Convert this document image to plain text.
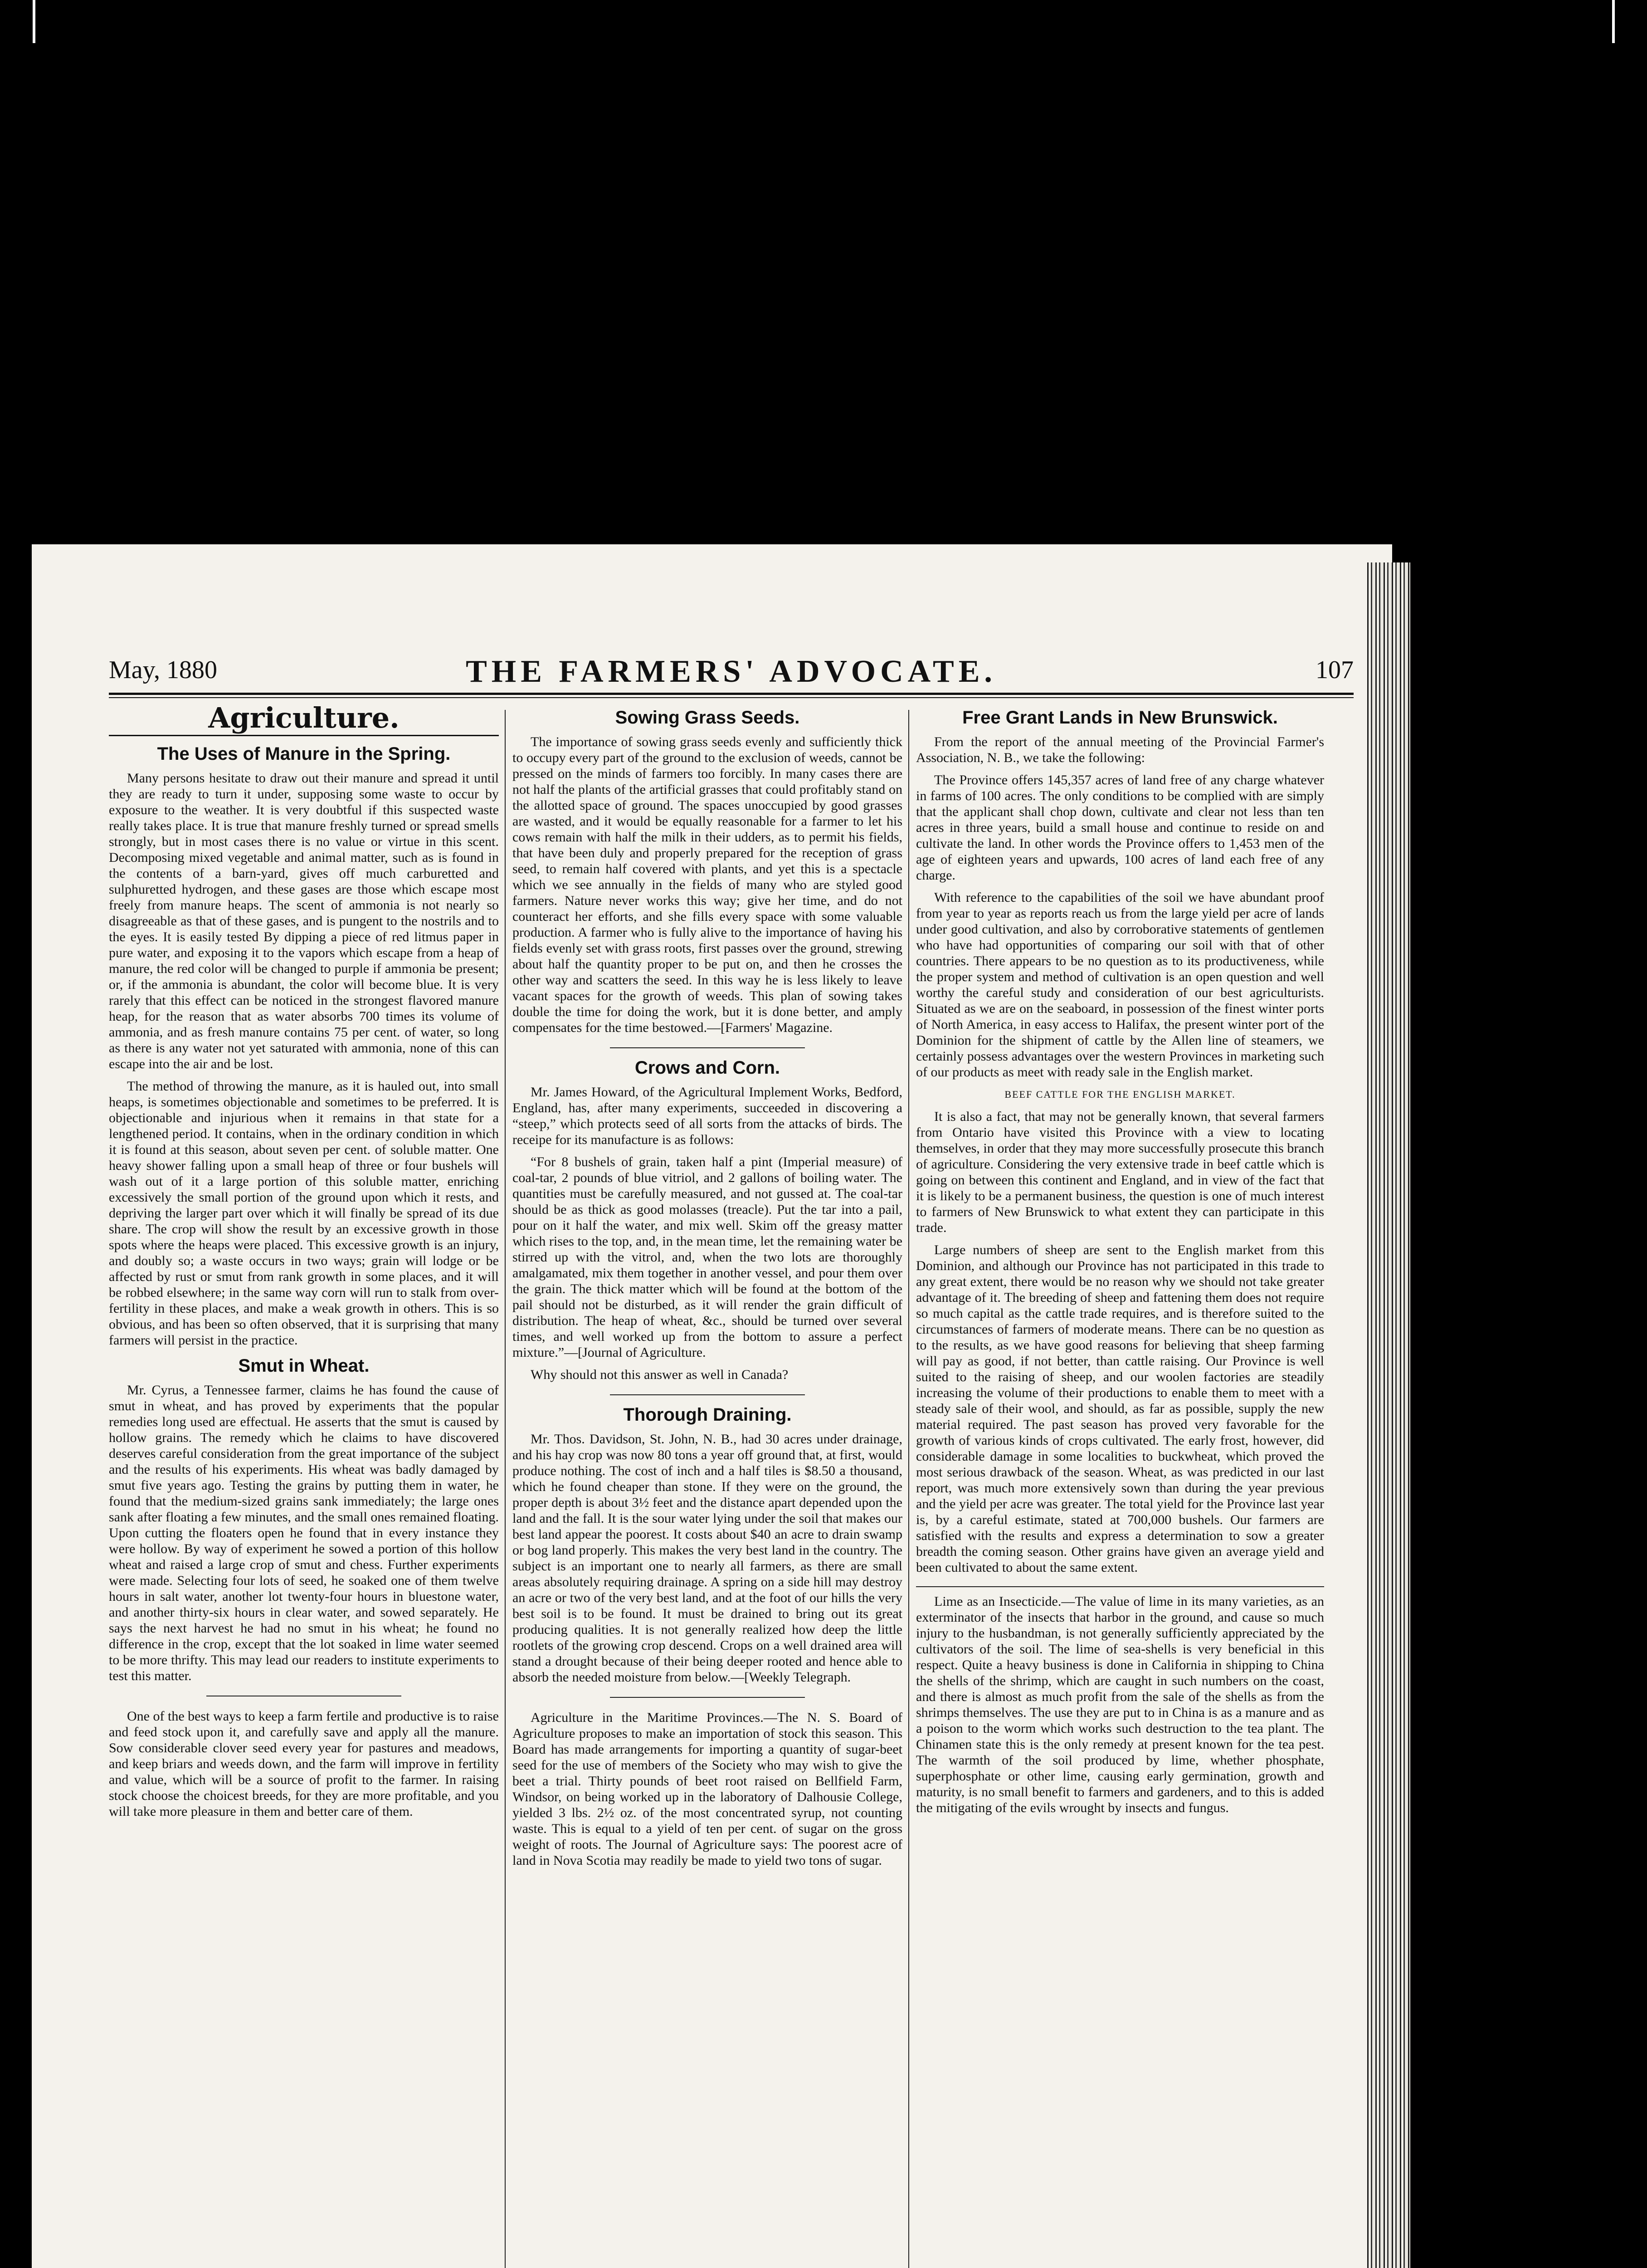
May, 1880	THE FARMERS' ADVOCATE.	107
Agriculture.
The Uses of Manure in the Spring.

Many persons hesitate to draw out their manure and spread it until they are ready to turn it under, supposing some waste to occur by exposure to the weather. It is very doubtful if this suspected waste really takes place. It is true that manure freshly turned or spread smells strongly, but in most cases there is no value or virtue in this scent. Decomposing mixed vegetable and animal matter, such as is found in the contents of a barn-yard, gives off much carburetted and sulphuretted hydrogen, and these gases are those which escape most freely from manure heaps. The scent of ammonia is not nearly so disagreeable as that of these gases, and is pungent to the nostrils and to the eyes. It is easily tested By dipping a piece of red litmus paper in pure water, and exposing it to the vapors which escape from a heap of manure, the red color will be changed to purple if ammonia be present; or, if the ammonia is abundant, the color will become blue. It is very rarely that this effect can be noticed in the strongest flavored manure heap, for the reason that as water absorbs 700 times its volume of ammonia, and as fresh manure contains 75 per cent. of water, so long as there is any water not yet saturated with ammonia, none of this can escape into the air and be lost.

The method of throwing the manure, as it is hauled out, into small heaps, is sometimes objectionable and sometimes to be preferred. It is objectionable and injurious when it remains in that state for a lengthened period. It contains, when in the ordinary condition in which it is found at this season, about seven per cent. of soluble matter. One heavy shower falling upon a small heap of three or four bushels will wash out of it a large portion of this soluble matter, enriching excessively the small portion of the ground upon which it rests, and depriving the larger part over which it will finally be spread of its due share. The crop will show the result by an excessive growth in those spots where the heaps were placed. This excessive growth is an injury, and doubly so; a waste occurs in two ways; grain will lodge or be affected by rust or smut from rank growth in some places, and it will be robbed elsewhere; in the same way corn will run to stalk from over-fertility in these places, and make a weak growth in others. This is so obvious, and has been so often observed, that it is surprising that many farmers will persist in the practice.

Smut in Wheat.

Mr. Cyrus, a Tennessee farmer, claims he has found the cause of smut in wheat, and has proved by experiments that the popular remedies long used are effectual. He asserts that the smut is caused by hollow grains. The remedy which he claims to have discovered deserves careful consideration from the great importance of the subject and the results of his experiments. His wheat was badly damaged by smut five years ago. Testing the grains by putting them in water, he found that the medium-sized grains sank immediately; the large ones sank after floating a few minutes, and the small ones remained floating. Upon cutting the floaters open he found that in every instance they were hollow. By way of experiment he sowed a portion of this hollow wheat and raised a large crop of smut and chess. Further experiments were made. Selecting four lots of seed, he soaked one of them twelve hours in salt water, another lot twenty-four hours in bluestone water, and another thirty-six hours in clear water, and sowed separately. He says the next harvest he had no smut in his wheat; he found no difference in the crop, except that the lot soaked in lime water seemed to be more thrifty. This may lead our readers to institute experiments to test this matter.

One of the best ways to keep a farm fertile and productive is to raise and feed stock upon it, and carefully save and apply all the manure. Sow considerable clover seed every year for pastures and meadows, and keep briars and weeds down, and the farm will improve in fertility and value, which will be a source of profit to the farmer. In raising stock choose the choicest breeds, for they are more profitable, and you will take more pleasure in them and better care of them.

Sowing Grass Seeds.

The importance of sowing grass seeds evenly and sufficiently thick to occupy every part of the ground to the exclusion of weeds, cannot be pressed on the minds of farmers too forcibly. In many cases there are not half the plants of the artificial grasses that could profitably stand on the allotted space of ground. The spaces unoccupied by good grasses are wasted, and it would be equally reasonable for a farmer to let his cows remain with half the milk in their udders, as to permit his fields, that have been duly and properly prepared for the reception of grass seed, to remain half covered with plants, and yet this is a spectacle which we see annually in the fields of many who are styled good farmers. Nature never works this way; give her time, and do not counteract her efforts, and she fills every space with some valuable production. A farmer who is fully alive to the importance of having his fields evenly set with grass roots, first passes over the ground, strewing about half the quantity proper to be put on, and then he crosses the other way and scatters the seed. In this way he is less likely to leave vacant spaces for the growth of weeds. This plan of sowing takes double the time for doing the work, but it is done better, and amply compensates for the time bestowed.—[Farmers' Magazine.

Crows and Corn.

Mr. James Howard, of the Agricultural Implement Works, Bedford, England, has, after many experiments, succeeded in discovering a “steep,” which protects seed of all sorts from the attacks of birds. The receipe for its manufacture is as follows:

“For 8 bushels of grain, taken half a pint (Imperial measure) of coal-tar, 2 pounds of blue vitriol, and 2 gallons of boiling water. The quantities must be carefully measured, and not gussed at. The coal-tar should be as thick as good molasses (treacle). Put the tar into a pail, pour on it half the water, and mix well. Skim off the greasy matter which rises to the top, and, in the mean time, let the remaining water be stirred up with the vitrol, and, when the two lots are thoroughly amalgamated, mix them together in another vessel, and pour them over the grain. The thick matter which will be found at the bottom of the pail should not be disturbed, as it will render the grain difficult of distribution. The heap of wheat, &c., should be turned over several times, and well worked up from the bottom to assure a perfect mixture.”—[Journal of Agriculture.

Why should not this answer as well in Canada?

Thorough Draining.

Mr. Thos. Davidson, St. John, N. B., had 30 acres under drainage, and his hay crop was now 80 tons a year off ground that, at first, would produce nothing. The cost of inch and a half tiles is $8.50 a thousand, which he found cheaper than stone. If they were on the ground, the proper depth is about 3½ feet and the distance apart depended upon the land and the fall. It is the sour water lying under the soil that makes our best land appear the poorest. It costs about $40 an acre to drain swamp or bog land properly. This makes the very best land in the country. The subject is an important one to nearly all farmers, as there are small areas absolutely requiring drainage. A spring on a side hill may destroy an acre or two of the very best land, and at the foot of our hills the very best soil is to be found. It must be drained to bring out its great producing qualities. It is not generally realized how deep the little rootlets of the growing crop descend. Crops on a well drained area will stand a drought because of their being deeper rooted and hence able to absorb the needed moisture from below.—[Weekly Telegraph.

Agriculture in the Maritime Provinces.—The N. S. Board of Agriculture proposes to make an importation of stock this season. This Board has made arrangements for importing a quantity of sugar-beet seed for the use of members of the Society who may wish to give the beet a trial. Thirty pounds of beet root raised on Bellfield Farm, Windsor, on being worked up in the laboratory of Dalhousie College, yielded 3 lbs. 2½ oz. of the most concentrated syrup, not counting waste. This is equal to a yield of ten per cent. of sugar on the gross weight of roots. The Journal of Agriculture says: The poorest acre of land in Nova Scotia may readily be made to yield two tons of sugar.

Free Grant Lands in New Brunswick.

From the report of the annual meeting of the Provincial Farmer's Association, N. B., we take the following:

The Province offers 145,357 acres of land free of any charge whatever in farms of 100 acres. The only conditions to be complied with are simply that the applicant shall chop down, cultivate and clear not less than ten acres in three years, build a small house and continue to reside on and cultivate the land. In other words the Province offers to 1,453 men of the age of eighteen years and upwards, 100 acres of land each free of any charge.

With reference to the capabilities of the soil we have abundant proof from year to year as reports reach us from the large yield per acre of lands under good cultivation, and also by corroborative statements of gentlemen who have had opportunities of comparing our soil with that of other countries. There appears to be no question as to its productiveness, while the proper system and method of cultivation is an open question and well worthy the careful study and consideration of our best agriculturists. Situated as we are on the seaboard, in possession of the finest winter ports of North America, in easy access to Halifax, the present winter port of the Dominion for the shipment of cattle by the Allen line of steamers, we certainly possess advantages over the western Provinces in marketing such of our products as meet with ready sale in the English market.

BEEF CATTLE FOR THE ENGLISH MARKET.

It is also a fact, that may not be generally known, that several farmers from Ontario have visited this Province with a view to locating themselves, in order that they may more successfully prosecute this branch of agriculture. Considering the very extensive trade in beef cattle which is going on between this continent and England, and in view of the fact that it is likely to be a permanent business, the question is one of much interest to farmers of New Brunswick to what extent they can participate in this trade.

Large numbers of sheep are sent to the English market from this Dominion, and although our Province has not participated in this trade to any great extent, there would be no reason why we should not take greater advantage of it. The breeding of sheep and fattening them does not require so much capital as the cattle trade requires, and is therefore suited to the circumstances of farmers of moderate means. There can be no question as to the results, as we have good reasons for believing that sheep farming will pay as good, if not better, than cattle raising. Our Province is well suited to the raising of sheep, and our woolen factories are steadily increasing the volume of their productions to enable them to meet with a steady sale of their wool, and should, as far as possible, supply the new material required. The past season has proved very favorable for the growth of various kinds of crops cultivated. The early frost, however, did considerable damage in some localities to buckwheat, which proved the most serious drawback of the season. Wheat, as was predicted in our last report, was much more extensively sown than during the year previous and the yield per acre was greater. The total yield for the Province last year is, by a careful estimate, stated at 700,000 bushels. Our farmers are satisfied with the results and express a determination to sow a greater breadth the coming season. Other grains have given an average yield and been cultivated to about the same extent.

Lime as an Insecticide.—The value of lime in its many varieties, as an exterminator of the insects that harbor in the ground, and cause so much injury to the husbandman, is not generally sufficiently appreciated by the cultivators of the soil. The lime of sea-shells is very beneficial in this respect. Quite a heavy business is done in California in shipping to China the shells of the shrimp, which are caught in such numbers on the coast, and there is almost as much profit from the sale of the shells as from the shrimps themselves. The use they are put to in China is as a manure and as a poison to the worm which works such destruction to the tea plant. The Chinamen state this is the only remedy at present known for the tea pest. The warmth of the soil produced by lime, whether phosphate, superphosphate or other lime, causing early germination, growth and maturity, is no small benefit to farmers and gardeners, and to this is added the mitigating of the evils wrought by insects and fungus.
